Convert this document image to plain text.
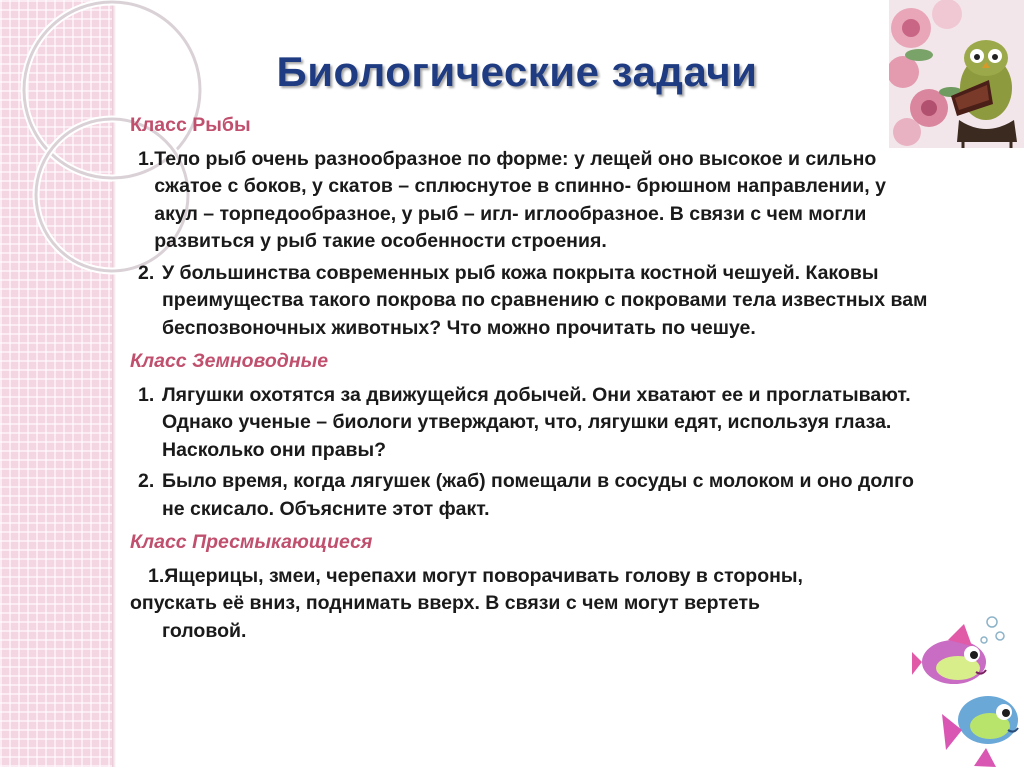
Биологические задачи
Класс Рыбы
1. Тело рыб очень разнообразное по форме: у лещей оно высокое и сильно сжатое с боков, у скатов – сплюснутое в спинно- брюшном направлении, у акул – торпедообразное, у рыб – игл- иглообразное. В связи с чем могли развиться у рыб такие особенности строения.
2. У большинства современных рыб кожа покрыта костной чешуей. Каковы преимущества такого покрова по сравнению с покровами тела известных вам беспозвоночных животных? Что можно прочитать по чешуе.
Класс Земноводные
1. Лягушки охотятся за движущейся добычей. Они хватают ее и проглатывают. Однако ученые – биологи утверждают, что, лягушки едят, используя глаза. Насколько они правы?
2. Было время, когда лягушек (жаб) помещали в сосуды с молоком и оно долго не скисало. Объясните этот факт.
Класс Пресмыкающиеся
1.Ящерицы, змеи, черепахи могут поворачивать голову в стороны,
опускать её вниз, поднимать вверх. В связи с чем могут вертеть
головой.
